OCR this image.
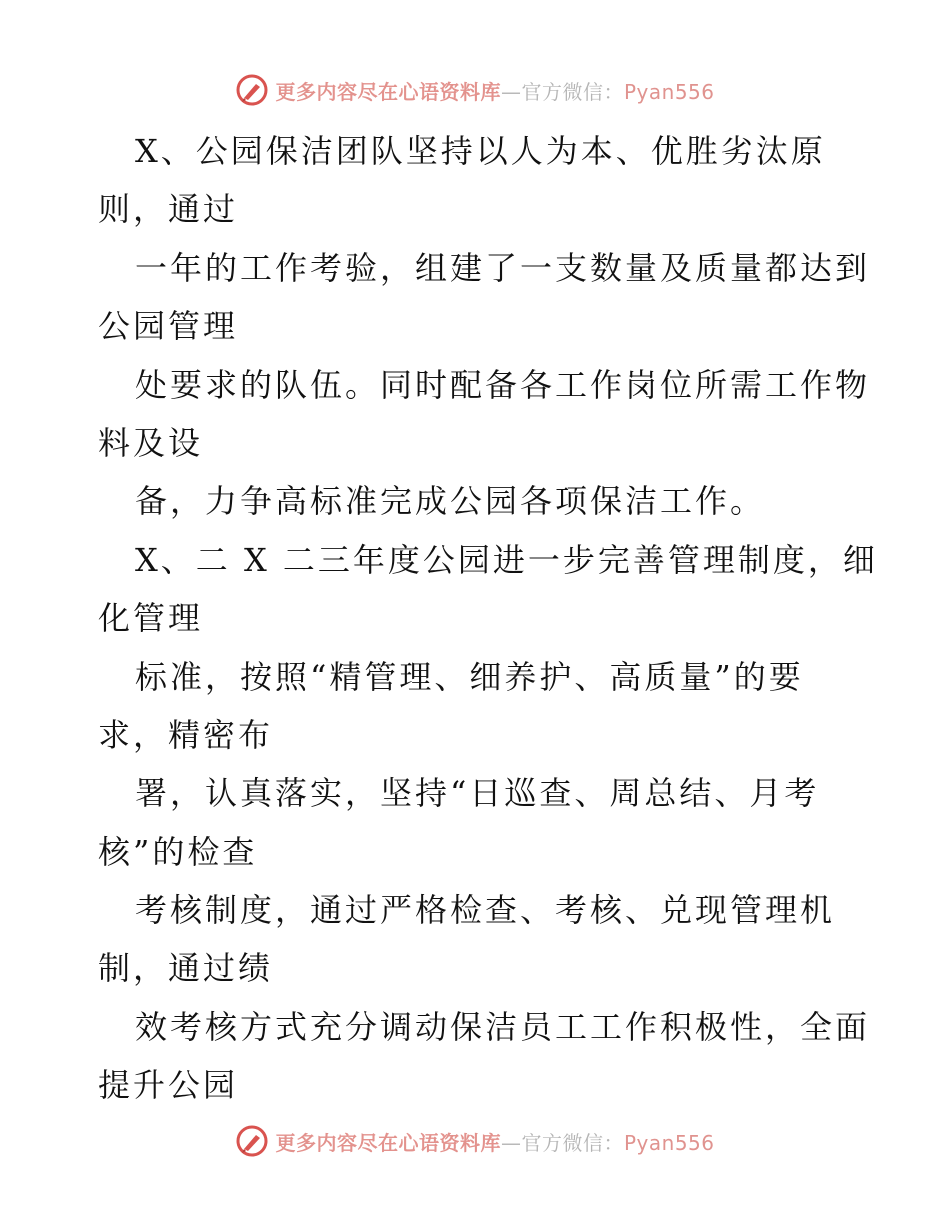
更多内容尽在心语资料库—官方微信：Pyan556
X、公园保洁团队坚持以人为本、优胜劣汰原
则，通过
一年的工作考验，组建了一支数量及质量都达到
公园管理
处要求的队伍。同时配备各工作岗位所需工作物
料及设
备，力争高标准完成公园各项保洁工作。
X、二 X 二三年度公园进一步完善管理制度，细
化管理
标准，按照“精管理、细养护、高质量”的要
求，精密布
署，认真落实，坚持“日巡查、周总结、月考
核”的检查
考核制度，通过严格检查、考核、兑现管理机
制，通过绩
效考核方式充分调动保洁员工工作积极性，全面
提升公园
更多内容尽在心语资料库—官方微信：Pyan556
